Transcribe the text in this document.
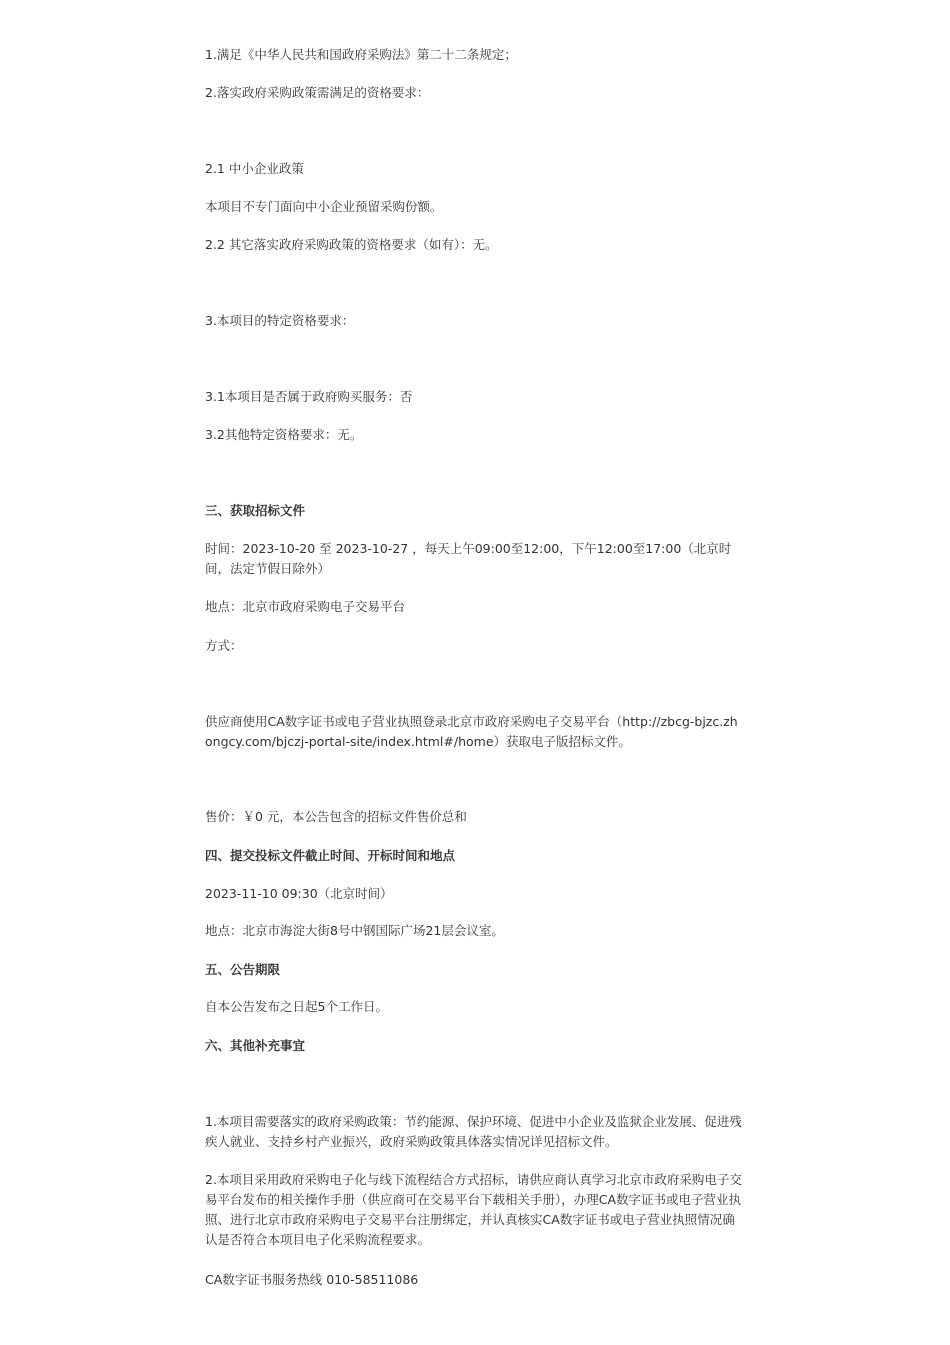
1.满足《中华人民共和国政府采购法》第二十二条规定；

2.落实政府采购政策需满足的资格要求：

2.1 中小企业政策

本项目不专门面向中小企业预留采购份额。

2.2 其它落实政府采购政策的资格要求（如有）：无。

3.本项目的特定资格要求：

3.1本项目是否属于政府购买服务：否

3.2其他特定资格要求：无。

三、获取招标文件

时间：2023-10-20 至 2023-10-27 ，每天上午09:00至12:00，下午12:00至17:00（北京时间，法定节假日除外）

地点：北京市政府采购电子交易平台

方式：

供应商使用CA数字证书或电子营业执照登录北京市政府采购电子交易平台（http://zbcg-bjzc.zhongcy.com/bjczj-portal-site/index.html#/home）获取电子版招标文件。

售价：￥0 元，本公告包含的招标文件售价总和

四、提交投标文件截止时间、开标时间和地点

2023-11-10 09:30（北京时间）

地点：北京市海淀大街8号中钢国际广场21层会议室。

五、公告期限

自本公告发布之日起5个工作日。

六、其他补充事宜

1.本项目需要落实的政府采购政策：节约能源、保护环境、促进中小企业及监狱企业发展、促进残疾人就业、支持乡村产业振兴，政府采购政策具体落实情况详见招标文件。

2.本项目采用政府采购电子化与线下流程结合方式招标，请供应商认真学习北京市政府采购电子交易平台发布的相关操作手册（供应商可在交易平台下载相关手册），办理CA数字证书或电子营业执照、进行北京市政府采购电子交易平台注册绑定，并认真核实CA数字证书或电子营业执照情况确认是否符合本项目电子化采购流程要求。

CA数字证书服务热线 010-58511086
